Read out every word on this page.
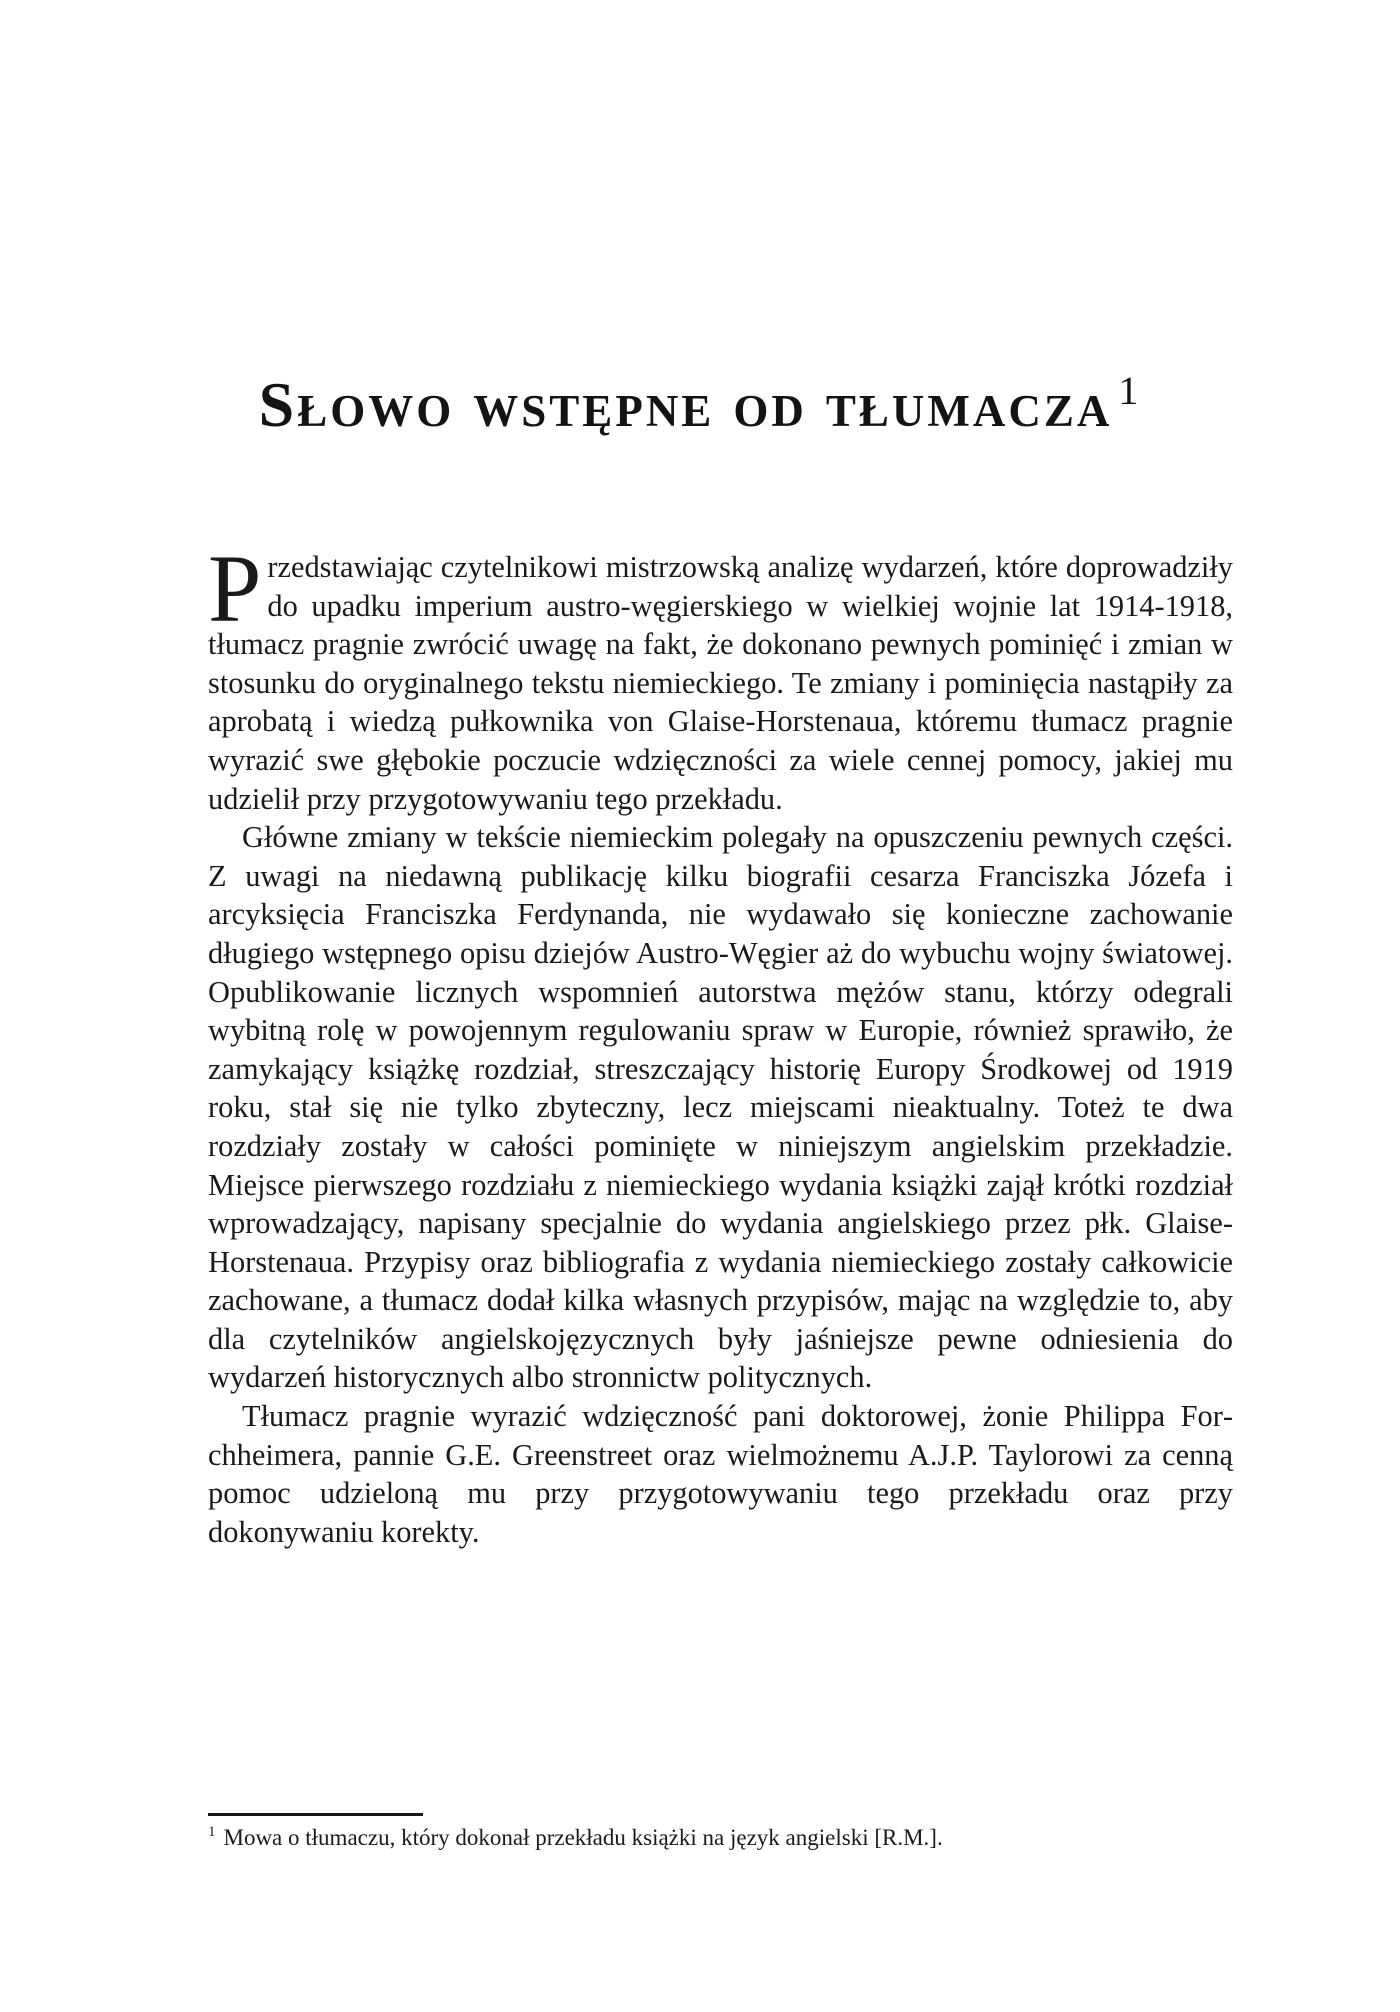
Słowo wstępne od tłumacza $^1$

Przedstawiając czytelnikowi mistrzowską analizę wydarzeń, które doprowadziły do upadku imperium austro-węgierskiego w wielkiej wojnie lat 1914-1918, tłumacz pragnie zwrócić uwagę na fakt, że dokonano pewnych pominięć i zmian w stosunku do oryginalnego tekstu niemieckiego. Te zmiany i pominięcia nastąpiły za aprobatą i wiedzą pułkownika von Glaise-Horstenaua, któremu tłumacz pragnie wyrazić swe głębokie poczucie wdzięczności za wiele cennej pomocy, jakiej mu udzielił przy przygotowywaniu tego przekładu.

Główne zmiany w tekście niemieckim polegały na opuszczeniu pewnych części. Z uwagi na niedawną publikację kilku biografii cesarza Franciszka Józefa i arcyksięcia Franciszka Ferdynanda, nie wydawało się konieczne zachowanie długiego wstępnego opisu dziejów Austro-Węgier aż do wybuchu wojny światowej. Opublikowanie licznych wspomnień autorstwa mężów stanu, którzy odegrali wybitną rolę w powojennym regulowaniu spraw w Europie, również sprawiło, że zamykający książkę rozdział, streszczający historię Europy Środkowej od 1919 roku, stał się nie tylko zbyteczny, lecz miejscami nieaktualny. Toteż te dwa rozdziały zostały w całości pominięte w niniejszym angielskim przekładzie. Miejsce pierwszego rozdziału z niemieckiego wydania książki zajął krótki rozdział wprowadzający, napisany specjalnie do wydania angielskiego przez płk. Glaise-Horstenaua. Przypisy oraz bibliografia z wydania niemieckiego zostały całkowicie zachowane, a tłumacz dodał kilka własnych przypisów, mając na względzie to, aby dla czytelników angielskojęzycznych były jaśniejsze pewne odniesienia do wydarzeń historycznych albo stronnictw politycznych.

Tłumacz pragnie wyrazić wdzięczność pani doktorowej, żonie Philippa Forchheimera, pannie G.E. Greenstreet oraz wielmożnemu A.J.P. Taylorowi za cenną pomoc udzieloną mu przy przygotowywaniu tego przekładu oraz przy dokonywaniu korekty.

$^1$ Mowa o tłumaczu, który dokonał przekładu książki na język angielski [R.M.].
